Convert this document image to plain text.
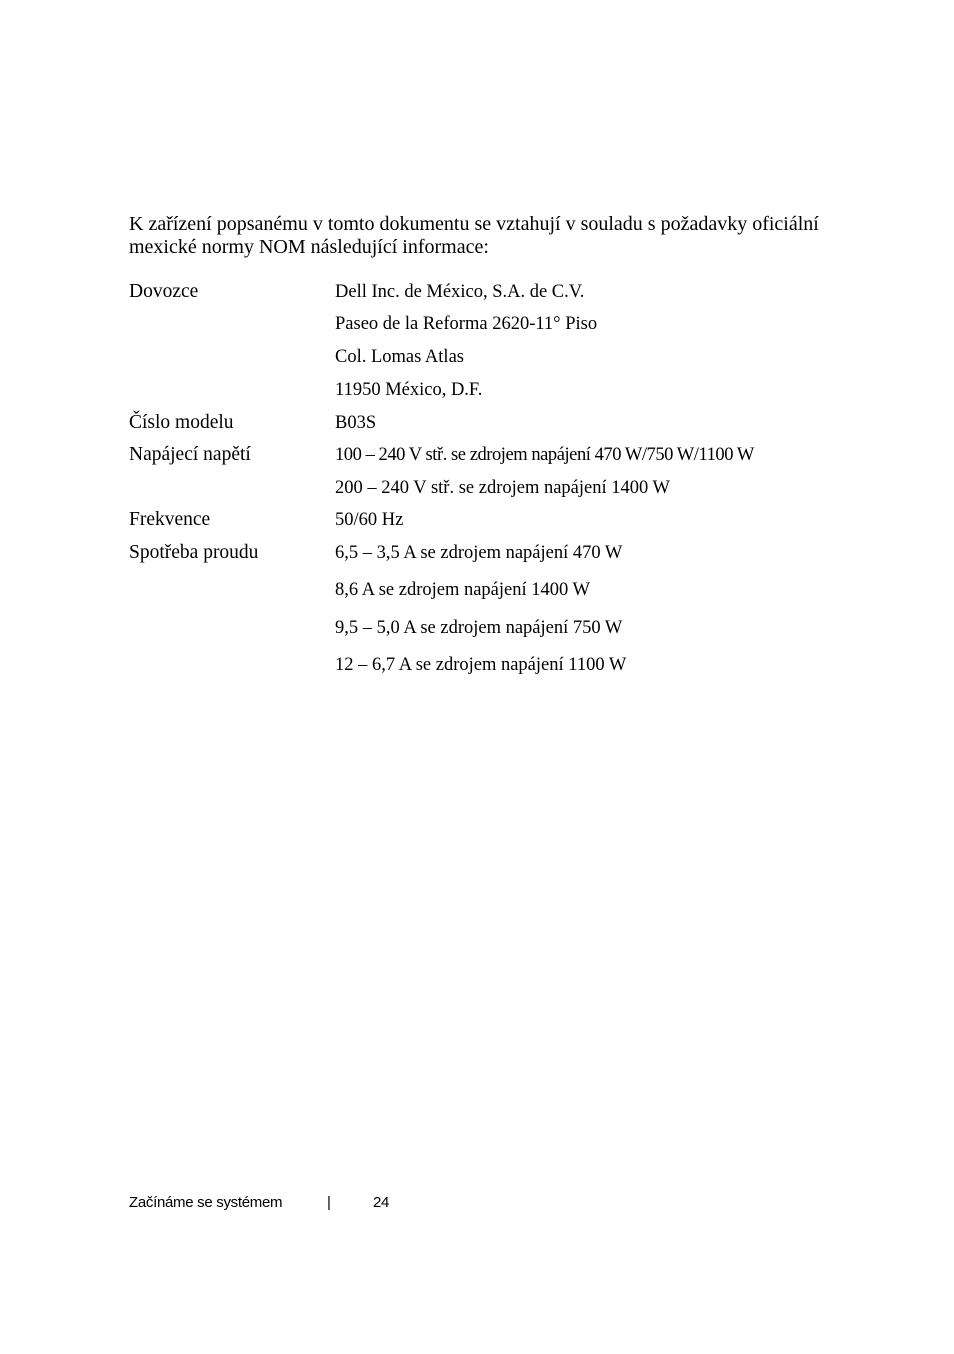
K zařízení popsanému v tomto dokumentu se vztahují v souladu s požadavky oficiální mexické normy NOM následující informace:

Dovozce	Dell Inc. de México, S.A. de C.V.
Paseo de la Reforma 2620-11° Piso
Col. Lomas Atlas
11950 México, D.F.
Číslo modelu	B03S
Napájecí napětí	100 – 240 V stř. se zdrojem napájení 470 W/750 W/1100 W
200 – 240 V stř. se zdrojem napájení 1400 W
Frekvence	50/60 Hz
Spotřeba proudu	6,5 – 3,5 A se zdrojem napájení 470 W
8,6 A se zdrojem napájení 1400 W
9,5 – 5,0 A se zdrojem napájení 750 W
12 – 6,7 A se zdrojem napájení 1100 W
Začínáme se systémem	|	24
